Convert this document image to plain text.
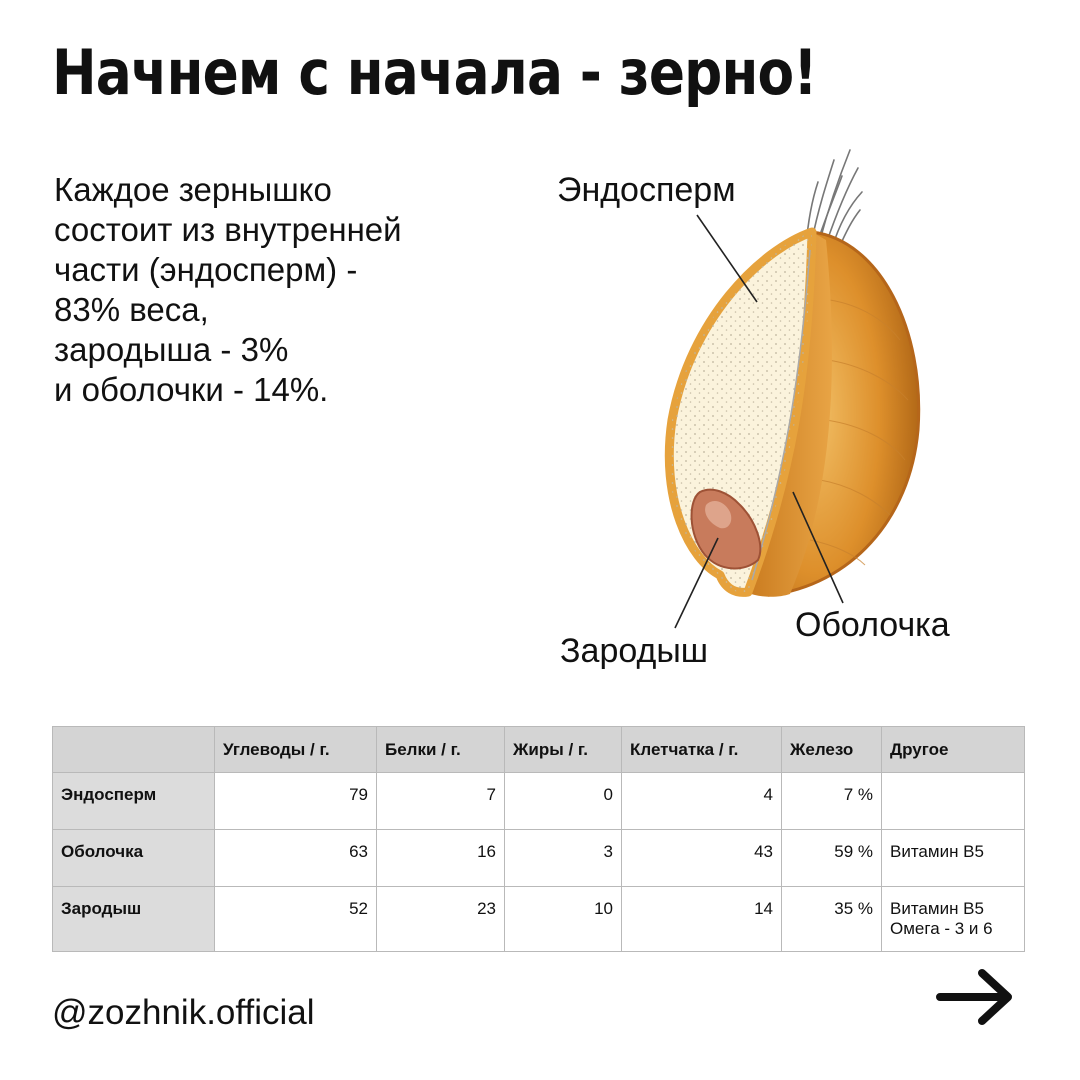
Начнем с начала - зерно!
Каждое зернышко
состоит из внутренней
части (эндосперм) -
83% веса,
зародыша - 3%
и оболочки - 14%.
Эндосперм
Зародыш
Оболочка
	Углеводы / г.	Белки / г.	Жиры / г.	Клетчатка / г.	Железо	Другое
Эндосперм	79	7	0	4	7 %	

Оболочка	63	16	3	43	59 %	Витамин В5

Зародыш	52	23	10	14	35 %	Витамин В5
Омега - 3 и 6
@zozhnik.official
